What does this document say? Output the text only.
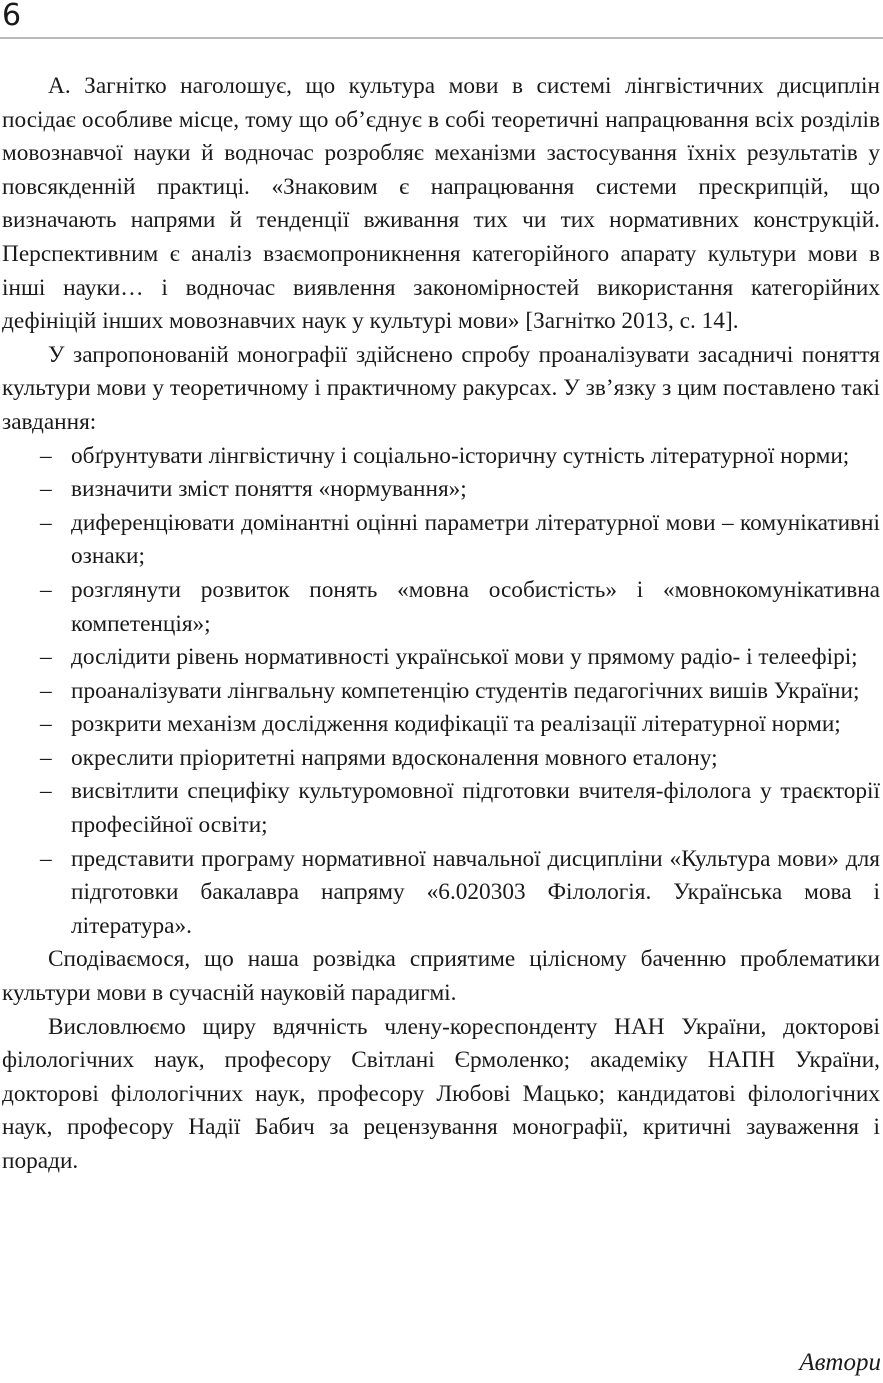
6

А. Загнітко наголошує, що культура мови в системі лінгвістичних дисциплін посідає особливе місце, тому що об’єднує в собі теоретичні напрацювання всіх розділів мовознавчої науки й водночас розробляє механізми застосування їхніх результатів у повсякденній практиці. «Знаковим є напрацювання системи прескрипцій, що визначають напрями й тенденції вживання тих чи тих нормативних конструкцій. Перспективним є аналіз взаємопроникнення категорійного апарату культури мови в інші науки… і водночас виявлення закономірностей використання категорійних дефініцій інших мовознавчих наук у культурі мови» [Загнітко 2013, с. 14].

У запропонованій монографії здійснено спробу проаналізувати засадничі поняття культури мови у теоретичному і практичному ракурсах. У зв’язку з цим поставлено такі завдання:

– обґрунтувати лінгвістичну і соціально-історичну сутність літературної норми;
– визначити зміст поняття «нормування»;
– диференціювати домінантні оцінні параметри літературної мови – комунікативні ознаки;
– розглянути розвиток понять «мовна особистість» і «мовнокомунікативна компетенція»;
– дослідити рівень нормативності української мови у прямому радіо- і телеефірі;
– проаналізувати лінгвальну компетенцію студентів педагогічних вишів України;
– розкрити механізм дослідження кодифікації та реалізації літературної норми;
– окреслити пріоритетні напрями вдосконалення мовного еталону;
– висвітлити специфіку культуромовної підготовки вчителя-філолога у траєкторії професійної освіти;
– представити програму нормативної навчальної дисципліни «Культура мови» для підготовки бакалавра напряму «6.020303 Філологія. Українська мова і література».

Сподіваємося, що наша розвідка сприятиме цілісному баченню проблематики культури мови в сучасній науковій парадигмі.

Висловлюємо щиру вдячність члену-кореспонденту НАН України, докторові філологічних наук, професору Світлані Єрмоленко; академіку НАПН України, докторові філологічних наук, професору Любові Мацько; кандидатові філологічних наук, професору Надії Бабич за рецензування монографії, критичні зауваження і поради.

Автори
